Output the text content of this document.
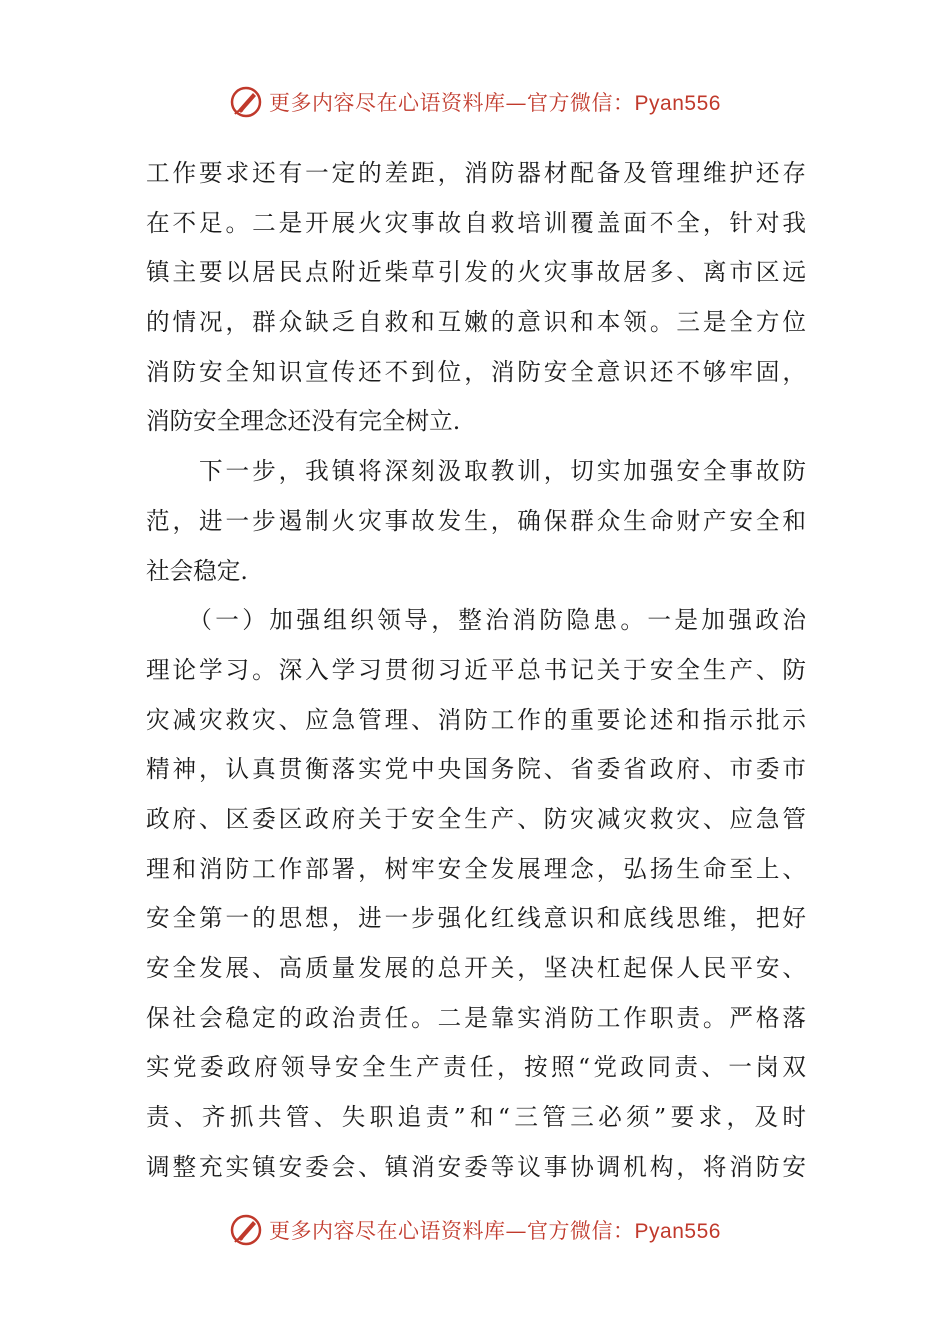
更多内容尽在心语资料库—官方微信：Pyan556
工作要求还有一定的差距，消防器材配备及管理维护还存
在不足。二是开展火灾事故自救培训覆盖面不全，针对我
镇主要以居民点附近柴草引发的火灾事故居多、离市区远
的情况，群众缺乏自救和互嫩的意识和本领。三是全方位
消防安全知识宣传还不到位，消防安全意识还不够牢固，
消防安全理念还没有完全树立.
　　下一步，我镇将深刻汲取教训，切实加强安全事故防
范，进一步遏制火灾事故发生，确保群众生命财产安全和
社会稳定.
　　（一）加强组织领导，整治消防隐患。一是加强政治
理论学习。深入学习贯彻习近平总书记关于安全生产、防
灾减灾救灾、应急管理、消防工作的重要论述和指示批示
精神，认真贯衡落实党中央国务院、省委省政府、市委市
政府、区委区政府关于安全生产、防灾减灾救灾、应急管
理和消防工作部署，树牢安全发展理念，弘扬生命至上、
安全第一的思想，进一步强化红线意识和底线思维，把好
安全发展、高质量发展的总开关，坚决杠起保人民平安、
保社会稳定的政治责任。二是靠实消防工作职责。严格落
实党委政府领导安全生产责任，按照“党政同责、一岗双
责、齐抓共管、失职追责”和“三管三必须”要求，及时
调整充实镇安委会、镇消安委等议事协调机构，将消防安
更多内容尽在心语资料库—官方微信：Pyan556
